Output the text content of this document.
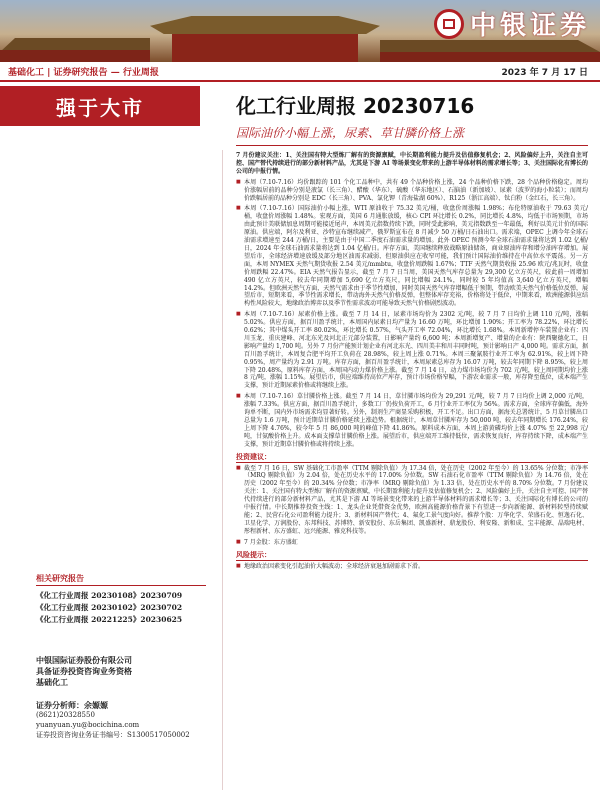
中银证券
基础化工 | 证券研究报告 — 行业周报	2023 年 7 月 17 日
强于大市	化工行业周报 20230716
国际油价小幅上涨，尿素、草甘膦价格上涨

7 月份建议关注：1、关注国有特大型炼厂解有的资源禀赋，中长期盈利能力提升及估值修复机会；2、风险偏好上升，关注自主可控、国产替代持续进行的部分新材料产品，尤其是下游 AI 等场景变化带来的上游半导体材料的需求增长等；3、关注国际化有博长的公司的中报行情。

■ 本周（7.10-7.16）均价跟踪的 101 个化工品种中，共有 49 个品种价格上涨，24 个品种价格下跌，28 个品种价格稳定。周均价涨幅居前的品种分别是液氯（长三角）、醋酸（华东）、硫酸（华东地区）、石脑油（新加坡）、尿素（波罗的海小粒装）；而周均价跌幅居前的品种分别是 EDC（长三角）、PVA、氯化钾（青海盐湖 60%）、R125（浙江高端）、钛白粉（金红石，长三角）。

■ 本周（7.10-7.16）国际油价小幅上涨，WTI 原油收于 75.32 美元/桶，收盘价周涨幅 1.98%；布伦特原油收于 79.63 美元/桶，收盘价周涨幅 1.48%。宏观方面，美国 6 月通胀放缓，核心 CPI 环比增长 0.2%，同比增长 4.8%，均低于市场预期，市场由此预计美联储加息周期可能接近尾声，本周美元指数持续下跌，同时受此影响，美元指数跌至一年最低，利好以美元计价的国际原油。供应端，阿尔及利亚、沙特宣布继续减产，俄罗斯宣布在 8 月减少 50 万桶/日石油出口。需求端，OPEC 上调今年全球石油需求增速至 244 万桶/日，主要是由于中国二季度石油需求量的增加。此外 OPEC 预测今年全球石油需求量将达到 1.02 亿桶/日，2024 年全球石油需求量将达到 1.04 亿桶/日。库存方面，美国继续释放战略原油储备，商业原油库存和增分油库存增加。展望后市，全球经济增速放缓及部分地区油需求减弱、但原油供应在收窄可能，我们预计国际油价维持在中高位水平震荡。另一方面，本周 NYMEX 天然气期货收报 2.54 美元/mmbtu，收盘价周跌幅 1.67%；TTF 天然气期货收报 25.96 欧元/兆瓦时，收盘价周跌幅 22.47%。EIA 天然气报告显示，截至 7 月 7 日当周，美国天然气库存总量为 29,300 亿立方英尺，较此前一周增加 490 亿立方英尺，较去年同期增加 5,690 亿立方英尺，同比增幅 24.1%，同时较 5 年均值高 3,640 亿立方英尺，增幅 14.2%。但欧洲天然气方面，天然气需求由于季节性增加，同时美国天然气库存增幅低于预期，带动欧美天然气价格低位反弹，展望后市，短期来看，季节性需求增长，带动海外天然气价格反弹，但整体库存充裕，价格将处于低位，中期来看，欧洲能源供应结构性风险较大，地缘政治博弈以及季节性需求波动可能导致天然气价格剧烈波动。

■ 本周（7.10-7.16）尿素价格上涨。截至 7 月 14 日，尿素市场均价为 2302 元/吨，较 7 月 7 日均价上调 110 元/吨，涨幅 5.02%。供应方面，据百川盈孚统计，本周国内尿素日均产量为 16.60 万吨，环比增加 1.90%；开工率为 78.22%，环比增长 0.62%；其中煤头开工率 80.02%，环比增长 0.57%，气头开工率 72.04%，环比增长 1.68%。本周新增停车装置企业有：四川玉龙、重庆建峰、河北东光及河北正元部分装置，日影响产量约 6,600 吨；本周新增复产、增量的企业有：陕西聚德化工，日影响产量约 1,700 吨。另外 7 月份产能预计划企业有河北东光、四川美丰和川丰同时吨，预计影响日产 4,000 吨。需求方面，据百川盈孚统计，本周复合肥平均开工负荷在 28.98%，较上周上涨 0.71%。本周三聚氰胺行业开工率为 62.91%，较上周下降 0.95%，周产量约为 2.91 万吨。库存方面，据百川盈孚统计，本周尿素总库存为 16.07 万吨，较去年同期下降 8.95%，较上周下降 20.48%，原料库存方面，本周国内动力煤价格上涨。截至 7 月 14 日，动力煤市场均价为 702 元/吨，较上周同期均价上涨 8 元/吨，涨幅 1.15%。展望后市，供应端维持高位产库存，预计市场价格窄幅，下游农业需求一般，库存降至低位，成本端产生支撑，预计近期尿素价格或将继续上涨。

■ 本周（7.10-7.16）草甘膦价格上涨。截至 7 月 14 日，草甘膦市场均价为 29,291 元/吨，较 7 月 7 日均价上调 2,000 元/吨，涨幅 7.33%。供应方面，据百川盈孚统计，多数工厂仍按负荷开工，6 月行业开工率仅为 56%。需求方面，全球库存偏低，海外询单不断，国内外市场需求均显著好转。另外，制剂生产商显采购积极，开工不足。出口方面，据海关总署统计，5 月草甘膦出口总量为 1.6 万吨，预计近期草甘膦价格延续上涨趋势。根据统计，本周草甘膦库存为 50,000 吨，较去年同期增长 176.24%，较上周下降 4.76%，较今年 5 月 86,000 吨的峰值下降 41.86%。原料成本方面，本周上游黄磷均价上涨 4.07% 至 22,998 元/吨，甘氨酸价格上升。成本面支撑草甘膦价格上涨。展望后市，供应端开工维持低位，需求恢复良好，库存持续下降，成本端产生支撑，预计近期草甘膦价格或将持续上涨。

投资建议：

■ 截至 7 月 16 日，SW 基础化工市盈率（TTM 剔除负值）为 17.34 倍，处在历史（2002 年至今）的 13.65% 分位数；市净率（MRQ 剔除负值）为 2.04 倍，处在历史水平的 17.00% 分位数。SW 石油石化市盈率（TTM 剔除负值）为 14.76 倍，处在历史（2002 年至今）的 20.34% 分位数；市净率（MRQ 剔除负值）为 1.33 倍，处在历史水平的 8.70% 分位数。7 月份建议关注：1、关注国有特大型炼厂解有的资源禀赋，中长期盈利能力提升及估值修复机会；2、风险偏好上升，关注自主可控、国产替代持续进行的部分新材料产品，尤其是下游 AI 等场景变化带来的上游半导体材料的需求增长等；3、关注国际化有博长的公司的中报行情。中长期推荐投资主线：1、龙头企业凭借资金优势，欧洲高能源价格背景下有望进一步向新能源、新材料转型持续赋能；2、民营石化公司盈利能力提升；3、新材料国产替代；4、氟化工景气度向好。推荐个股：万华化学、荣盛石化、恒逸石化、卫星化学、万润股份、东邦科技、苏博特、新安股份、东岳集团、凯盛新材、鼎龙股份、利安隆、新和成、宝丰能源、晶瑞电材、彤程新材、东方盛虹、远兴能源、雅克科技等。

■ 7 月金股：东方盛虹

风险提示：

■ 地缘政治因素变化引起油价大幅波动；全球经济衰退加剧需求下滑。

相关研究报告
《化工行业周报 20230108》20230709
《化工行业周报 20230102》20230702
《化工行业周报 20221225》20230625
中银国际证券股份有限公司
具备证券投资咨询业务资格
基础化工
证券分析师：余嫄嫄
(8621)20328550
yuanyuan.yu@bocichina.com
证券投资咨询业务证书编号：S1300517050002
